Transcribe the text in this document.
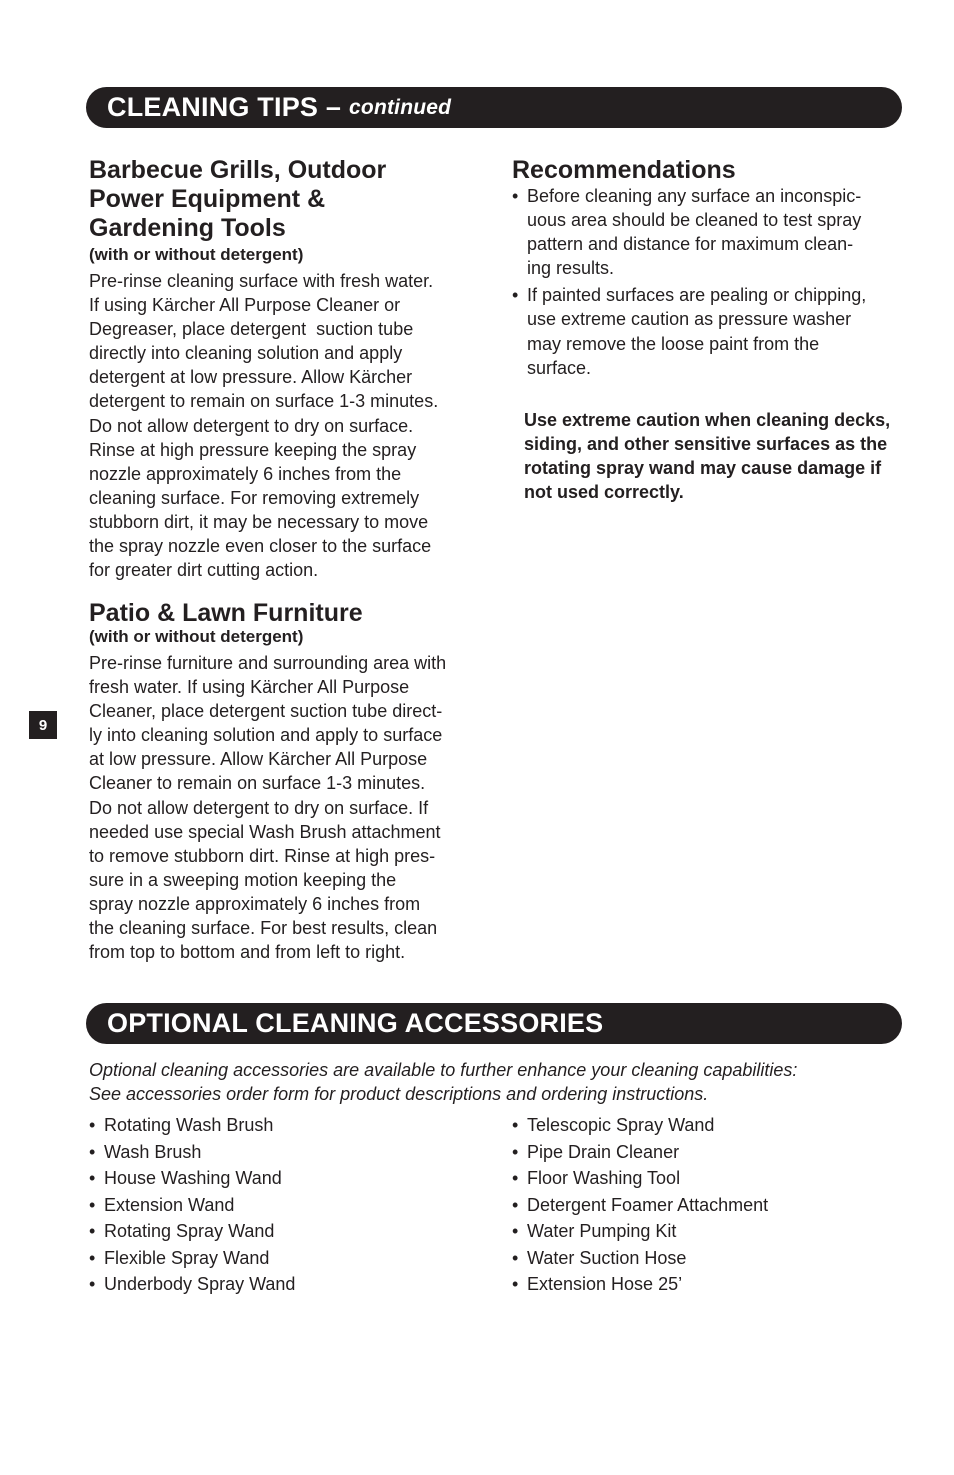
CLEANING TIPS – continued
Barbecue Grills, Outdoor
Power Equipment &
Gardening Tools
(with or without detergent)
Pre-rinse cleaning surface with fresh water.
If using Kärcher All Purpose Cleaner or
Degreaser, place detergent  suction tube
directly into cleaning solution and apply
detergent at low pressure. Allow Kärcher
detergent to remain on surface 1-3 minutes.
Do not allow detergent to dry on surface.
Rinse at high pressure keeping the spray
nozzle approximately 6 inches from the
cleaning surface. For removing extremely
stubborn dirt, it may be necessary to move
the spray nozzle even closer to the surface
for greater dirt cutting action.
Patio & Lawn Furniture
(with or without detergent)
Pre-rinse furniture and surrounding area with
fresh water. If using Kärcher All Purpose
Cleaner, place detergent suction tube direct-
ly into cleaning solution and apply to surface
at low pressure. Allow Kärcher All Purpose
Cleaner to remain on surface 1-3 minutes.
Do not allow detergent to dry on surface. If
needed use special Wash Brush attachment
to remove stubborn dirt. Rinse at high pres-
sure in a sweeping motion keeping the
spray nozzle approximately 6 inches from
the cleaning surface. For best results, clean
from top to bottom and from left to right.
Recommendations
• Before cleaning any surface an inconspic-
uous area should be cleaned to test spray
pattern and distance for maximum clean-
ing results.
• If painted surfaces are pealing or chipping,
use extreme caution as pressure washer
may remove the loose paint from the
surface.
Use extreme caution when cleaning decks,
siding, and other sensitive surfaces as the
rotating spray wand may cause damage if
not used correctly.
9
OPTIONAL CLEANING ACCESSORIES
Optional cleaning accessories are available to further enhance your cleaning capabilities:
See accessories order form for product descriptions and ordering instructions.
• Rotating Wash Brush
• Wash Brush
• House Washing Wand
• Extension Wand
• Rotating Spray Wand
• Flexible Spray Wand
• Underbody Spray Wand
• Telescopic Spray Wand
• Pipe Drain Cleaner
• Floor Washing Tool
• Detergent Foamer Attachment
• Water Pumping Kit
• Water Suction Hose
• Extension Hose 25’
